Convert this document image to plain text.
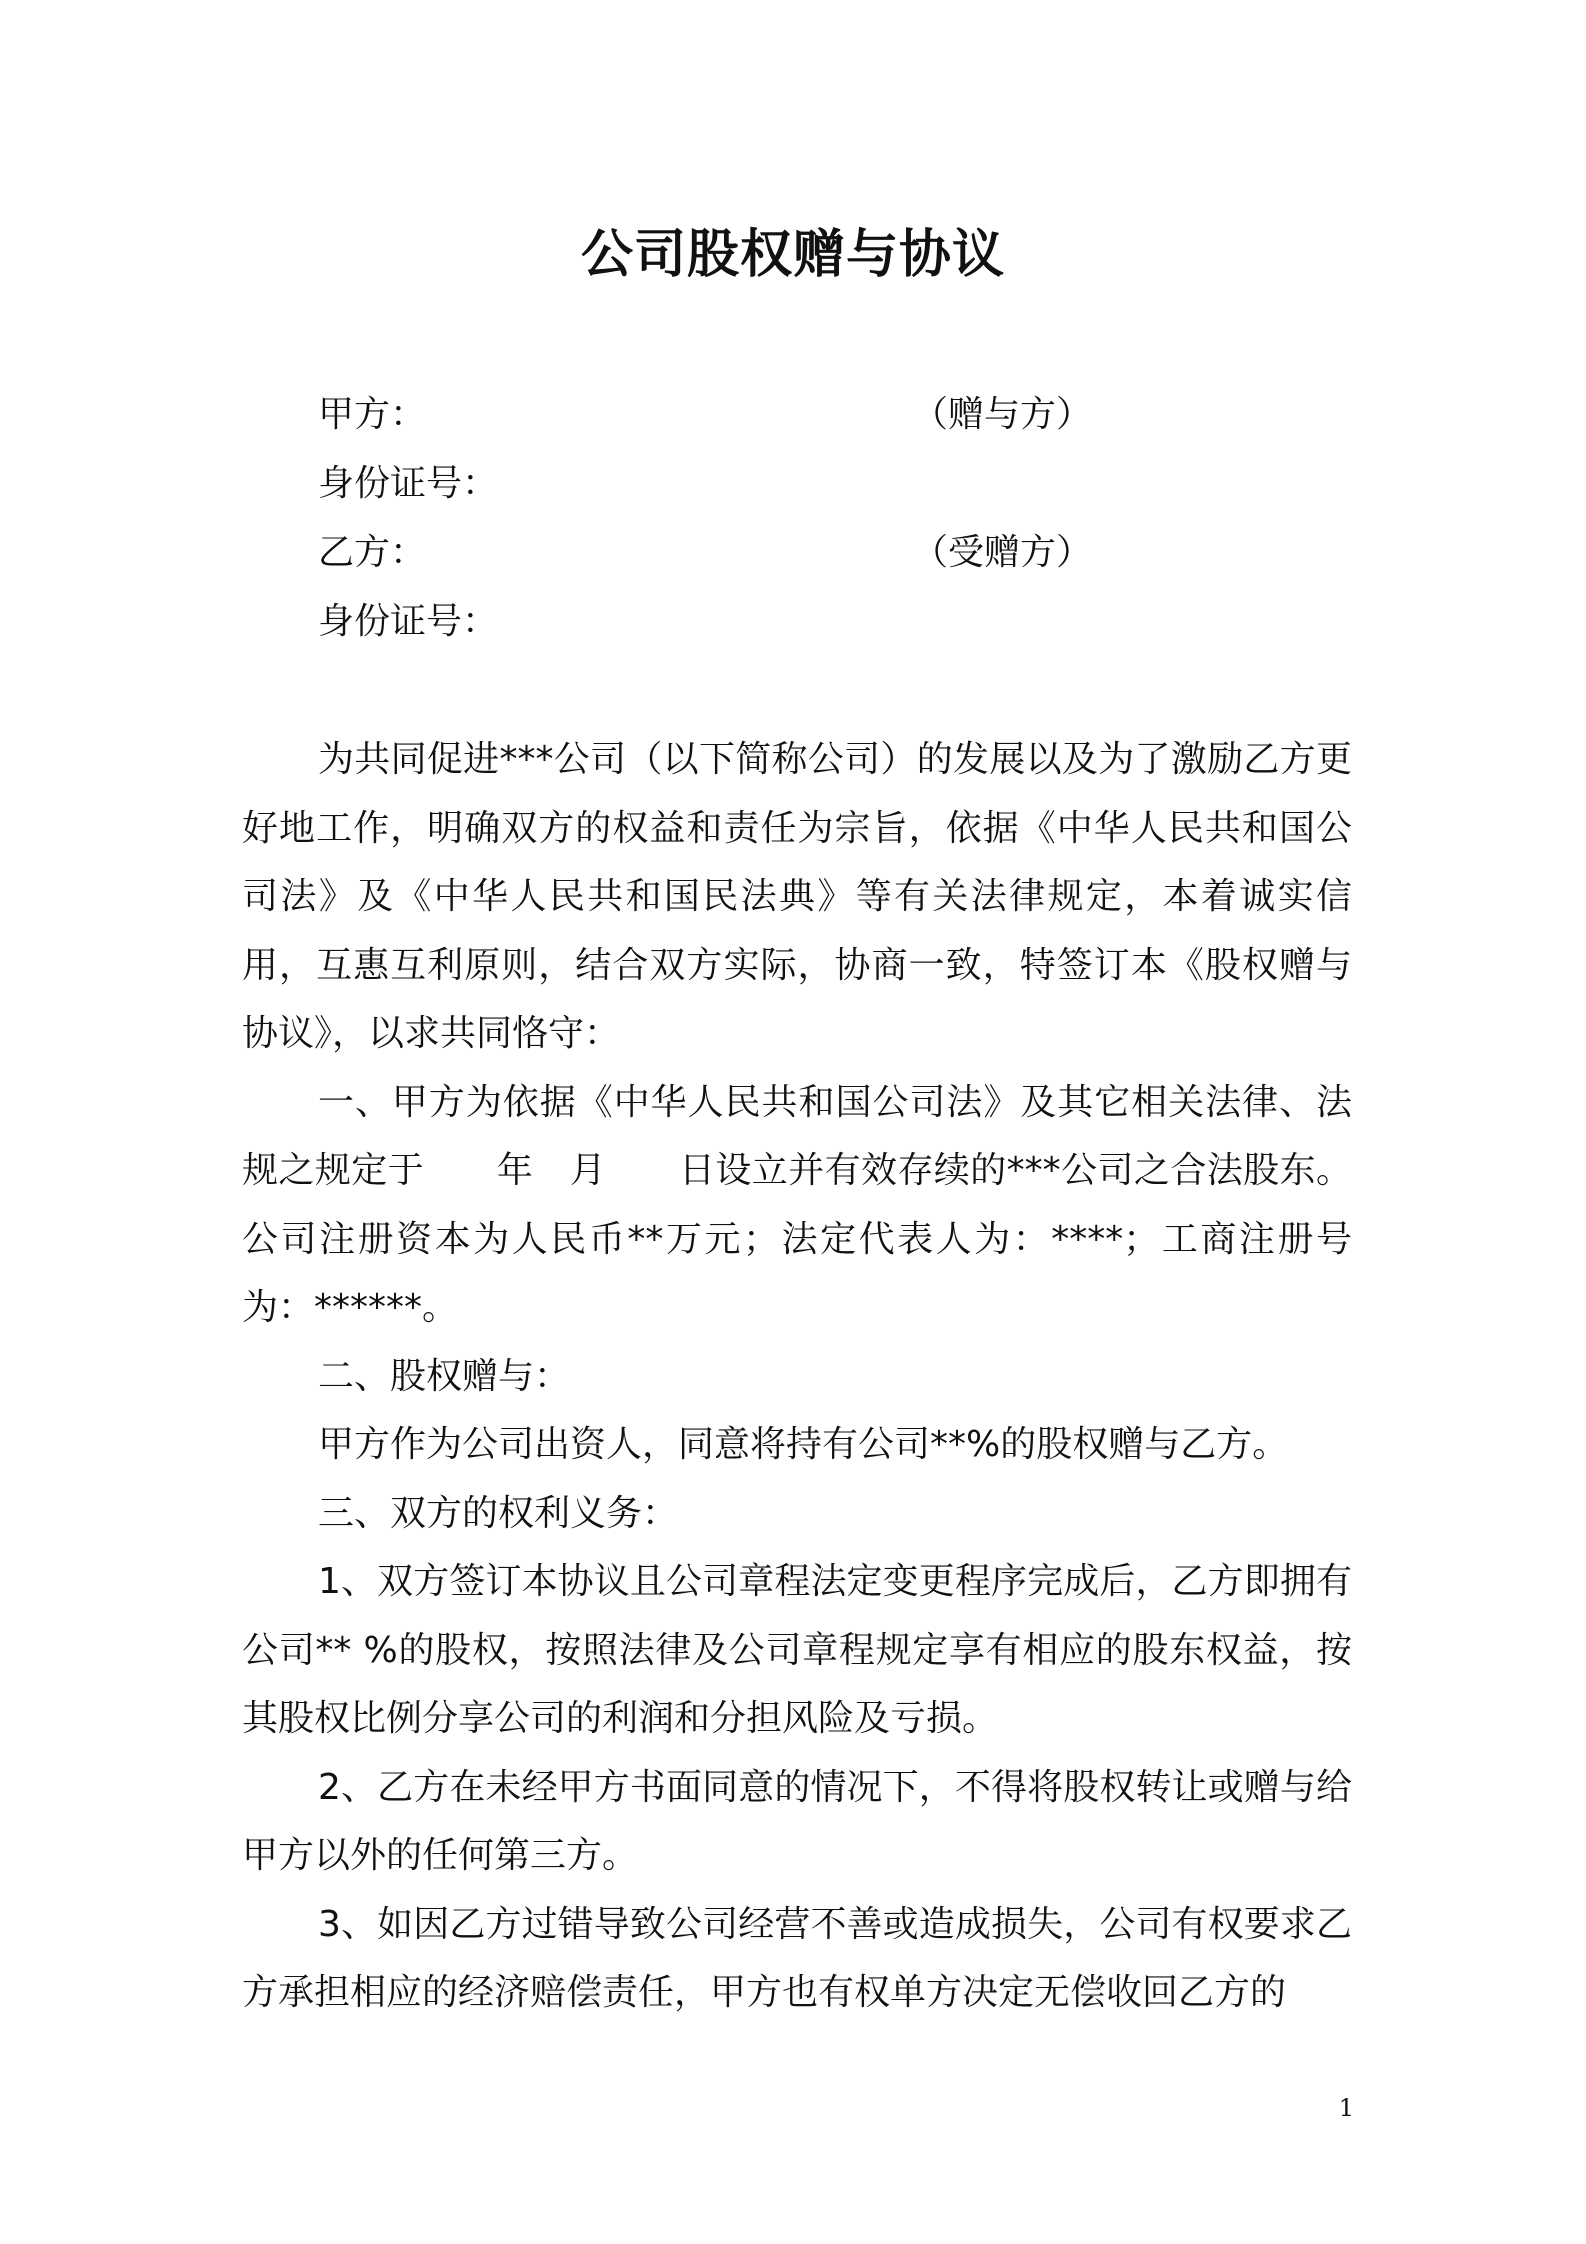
公司股权赠与协议
甲方：	（赠与方）
身份证号：
乙方：	（受赠方）
身份证号：

为共同促进***公司（以下简称公司）的发展以及为了激励乙方更好地工作，明确双方的权益和责任为宗旨，依据《中华人民共和国公司法》及《中华人民共和国民法典》等有关法律规定，本着诚实信用，互惠互利原则，结合双方实际，协商一致，特签订本《股权赠与协议》，以求共同恪守：

一、甲方为依据《中华人民共和国公司法》及其它相关法律、法规之规定于　　年　月　　日设立并有效存续的***公司之合法股东。公司注册资本为人民币**万元；法定代表人为：****；工商注册号为：******。

二、股权赠与：

甲方作为公司出资人，同意将持有公司**%的股权赠与乙方。

三、双方的权利义务：

1、双方签订本协议且公司章程法定变更程序完成后，乙方即拥有公司** %的股权，按照法律及公司章程规定享有相应的股东权益，按其股权比例分享公司的利润和分担风险及亏损。

2、乙方在未经甲方书面同意的情况下，不得将股权转让或赠与给甲方以外的任何第三方。

3、如因乙方过错导致公司经营不善或造成损失，公司有权要求乙方承担相应的经济赔偿责任，甲方也有权单方决定无偿收回乙方的

1
